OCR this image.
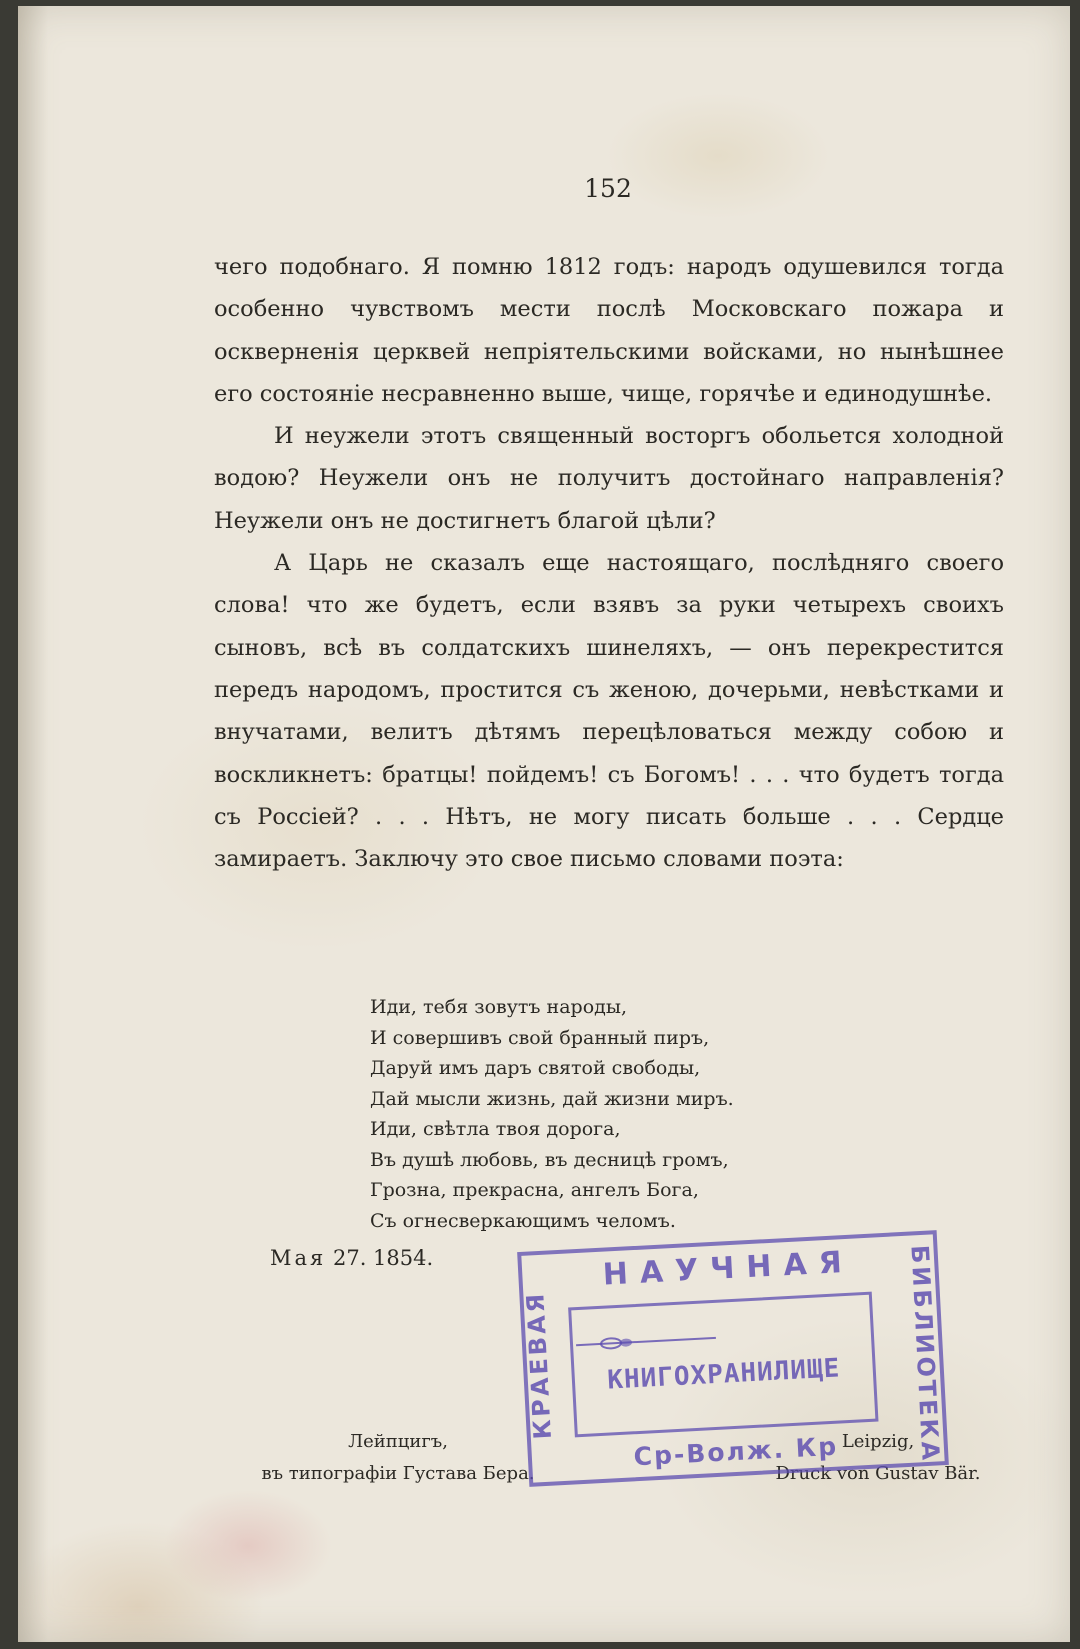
152

чего подобнаго. Я помню 1812 годъ: народъ одушевился тогда особенно чувствомъ мести послѣ Московскаго пожара и оскверненія церквей непріятельскими войсками, но нынѣшнее его состояніе несравненно выше, чище, горячѣе и единодушнѣе.

И неужели этотъ священный восторгъ обольется холодной водою? Неужели онъ не получитъ достойнаго направленія? Неужели онъ не достигнетъ благой цѣли?

А Царь не сказалъ еще настоящаго, послѣдняго своего слова! что же будетъ, если взявъ за руки четырехъ своихъ сыновъ, всѣ въ солдатскихъ шинеляхъ, — онъ перекрестится передъ народомъ, простится съ женою, дочерьми, невѣстками и внучатами, велитъ дѣтямъ перецѣловаться между собою и воскликнетъ: братцы! пойдемъ! съ Богомъ! . . . что будетъ тогда съ Россіей? . . . Нѣтъ, не могу писать больше . . . Сердце замираетъ. Заключу это свое письмо словами поэта:

Иди, тебя зовутъ народы,
И совершивъ свой бранный пиръ,
Даруй имъ даръ святой свободы,
Дай мысли жизнь, дай жизни миръ.
Иди, свѣтла твоя дорога,
Въ душѣ любовь, въ десницѣ громъ,
Грозна, прекрасна, ангелъ Бога,
Съ огнесверкающимъ челомъ.
Мая 27. 1854.
Лейпцигъ,
въ типографіи Густава Бера.
Leipzig,
Druck von Gustav Bär.
НАУЧНАЯ
КНИГОХРАНИЛИЩЕ
Ср-Волж. Кр
КРАЕВАЯ	БИБЛИОТЕКА
